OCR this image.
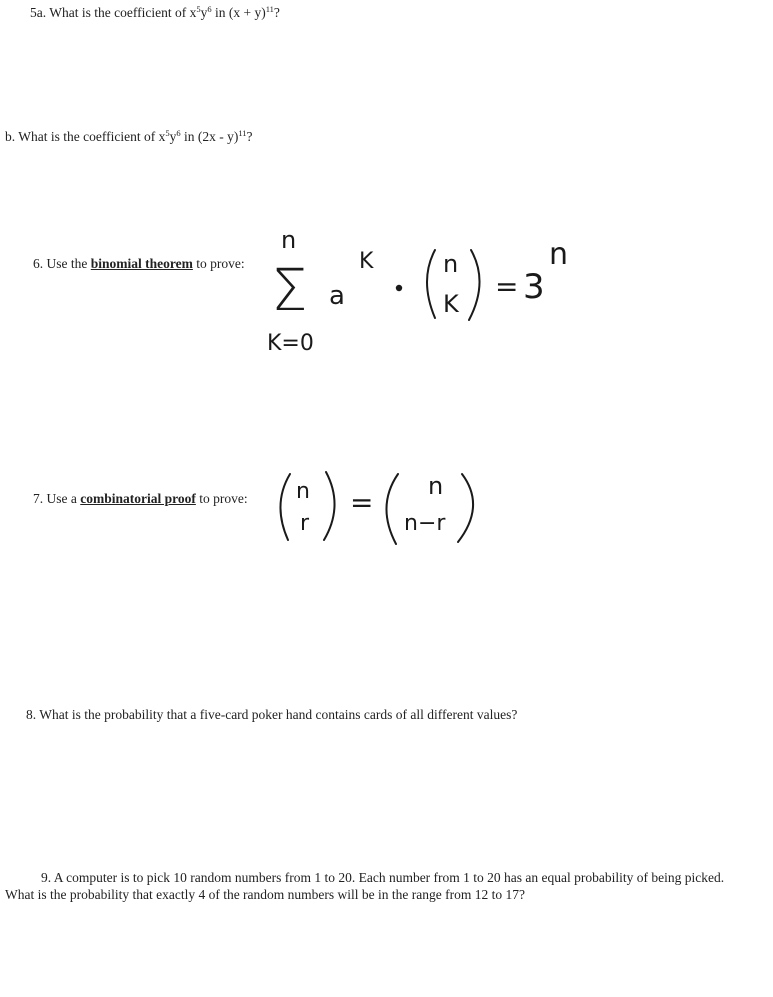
5a. What is the coefficient of $x^5y^6$ in $(x + y)^{11}$?
b. What is the coefficient of $x^5y^6$ in (2x - y)$^{11}$?
6. Use the binomial theorem to prove:
n
Σ
K=0
a
K	n
K
= 3
n
7. Use a combinatorial proof to prove: n
r
= n
n−r
8. What is the probability that a five-card poker hand contains cards of all different values?
9. A computer is to pick 10 random numbers from 1 to 20. Each number from 1 to 20 has an equal probability of being picked. What is the probability that exactly 4 of the random numbers will be in the range from 12 to 17?
